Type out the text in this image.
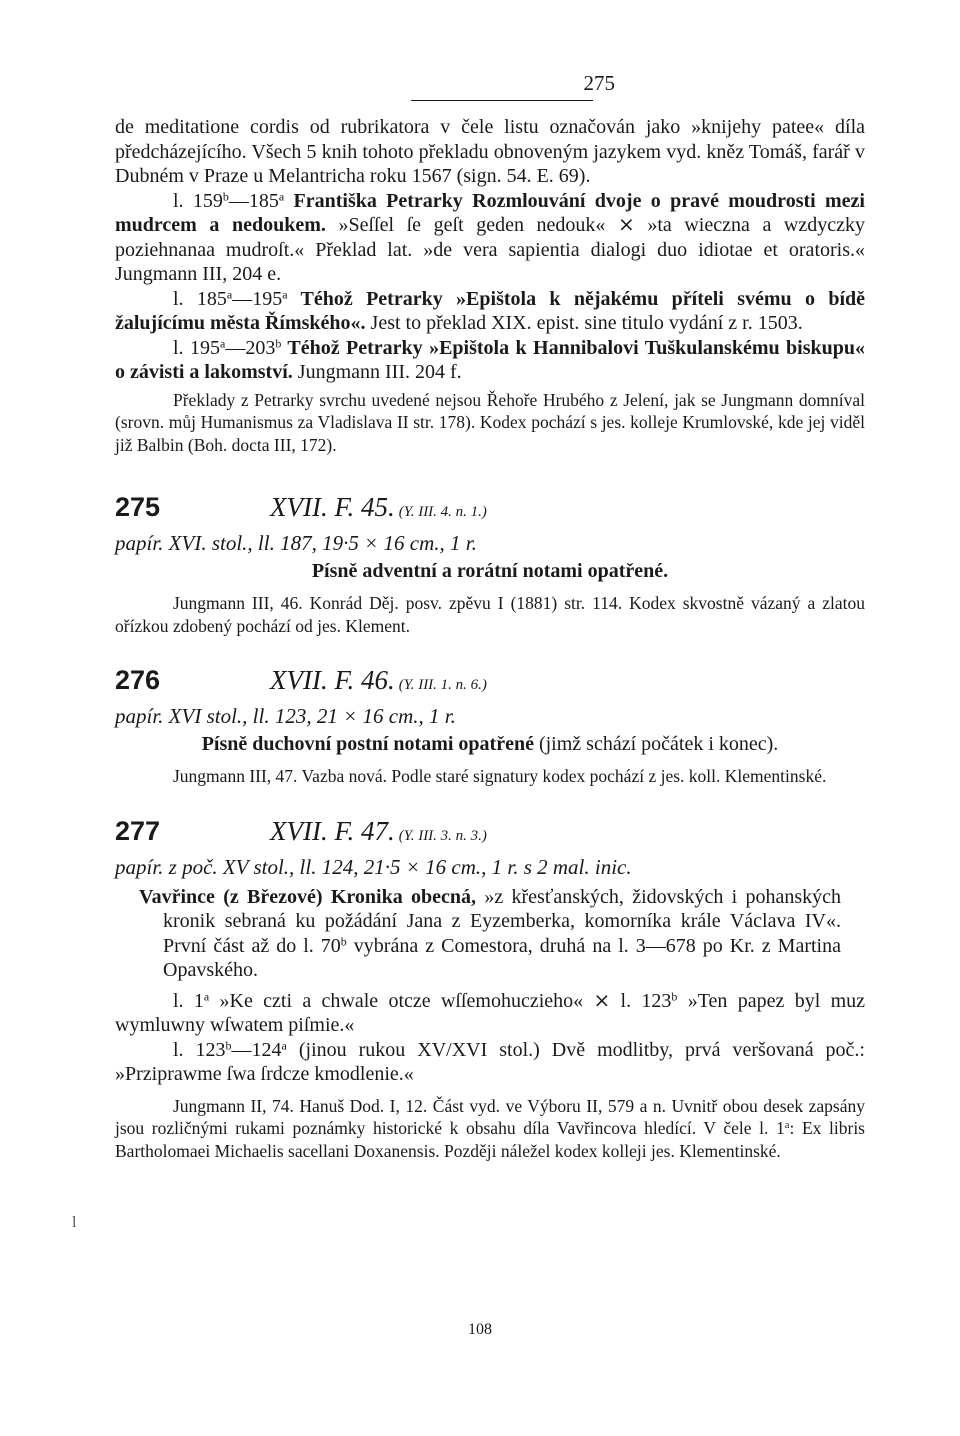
275

de meditatione cordis od rubrikatora v čele listu označován jako »knijehy patee« díla předcházejícího. Všech 5 knih tohoto překladu obnoveným jazykem vyd. kněz Tomáš, farář v Dubném v Praze u Melantricha roku 1567 (sign. 54. E. 69).

l. 159$^b$—185$^a$ Františka Petrarky Rozmlouvání dvoje o pravé moudrosti mezi mudrcem a nedoukem. »Seſſel ſe geſt geden nedouk« ⨯ »ta wieczna a wzdyczky poziehnanaa mudroſt.« Překlad lat. »de vera sapientia dialogi duo idiotae et oratoris.« Jungmann III, 204 e.

l. 185$^a$—195$^a$ Téhož Petrarky »Epištola k nějakému příteli svému o bídě žalujícímu města Římského«. Jest to překlad XIX. epist. sine titulo vydání z r. 1503.

l. 195$^a$—203$^b$ Téhož Petrarky »Epištola k Hannibalovi Tuškulanskému biskupu« o závisti a lakomství. Jungmann III. 204 f.

Překlady z Petrarky svrchu uvedené nejsou Řehoře Hrubého z Jelení, jak se Jungmann domníval (srovn. můj Humanismus za Vladislava II str. 178). Kodex pochází s jes. kolleje Krumlovské, kde jej viděl již Balbin (Boh. docta III, 172).

275	XVII. F. 45. (Y. III. 4. n. 1.)

papír. XVI. stol., ll. 187, 19·5 × 16 cm., 1 r.

Písně adventní a rorátní notami opatřené.

Jungmann III, 46. Konrád Děj. posv. zpěvu I (1881) str. 114. Kodex skvostně vázaný a zlatou ořízkou zdobený pochází od jes. Klement.

276	XVII. F. 46. (Y. III. 1. n. 6.)

papír. XVI stol., ll. 123, 21 × 16 cm., 1 r.

Písně duchovní postní notami opatřené (jimž schází počátek i konec).

Jungmann III, 47. Vazba nová. Podle staré signatury kodex pochází z jes. koll. Klementinské.

277	XVII. F. 47. (Y. III. 3. n. 3.)

papír. z poč. XV stol., ll. 124, 21·5 × 16 cm., 1 r. s 2 mal. inic.

Vavřince (z Březové) Kronika obecná, »z křesťanských, židovských i pohanských kronik sebraná ku požádání Jana z Eyzemberka, komorníka krále Václava IV«. První část až do l. 70$^b$ vybrána z Comestora, druhá na l. 3—678 po Kr. z Martina Opavského.

l. 1$^a$ »Ke czti a chwale otcze wſſemohuczieho« ⨯ l. 123$^b$ »Ten papez byl muz wymluwny wſwatem piſmie.«

l. 123$^b$—124$^a$ (jinou rukou XV/XVI stol.) Dvě modlitby, prvá veršovaná poč.: »Prziprawme ſwa ſrdcze kmodlenie.«

Jungmann II, 74. Hanuš Dod. I, 12. Část vyd. ve Výboru II, 579 a n. Uvnitř obou desek zapsány jsou rozličnými rukami poznámky historické k obsahu díla Vavřincova hledící. V čele l. 1$^a$: Ex libris Bartholomaei Michaelis sacellani Doxanensis. Později náležel kodex kolleji jes. Klementinské.

l
108
